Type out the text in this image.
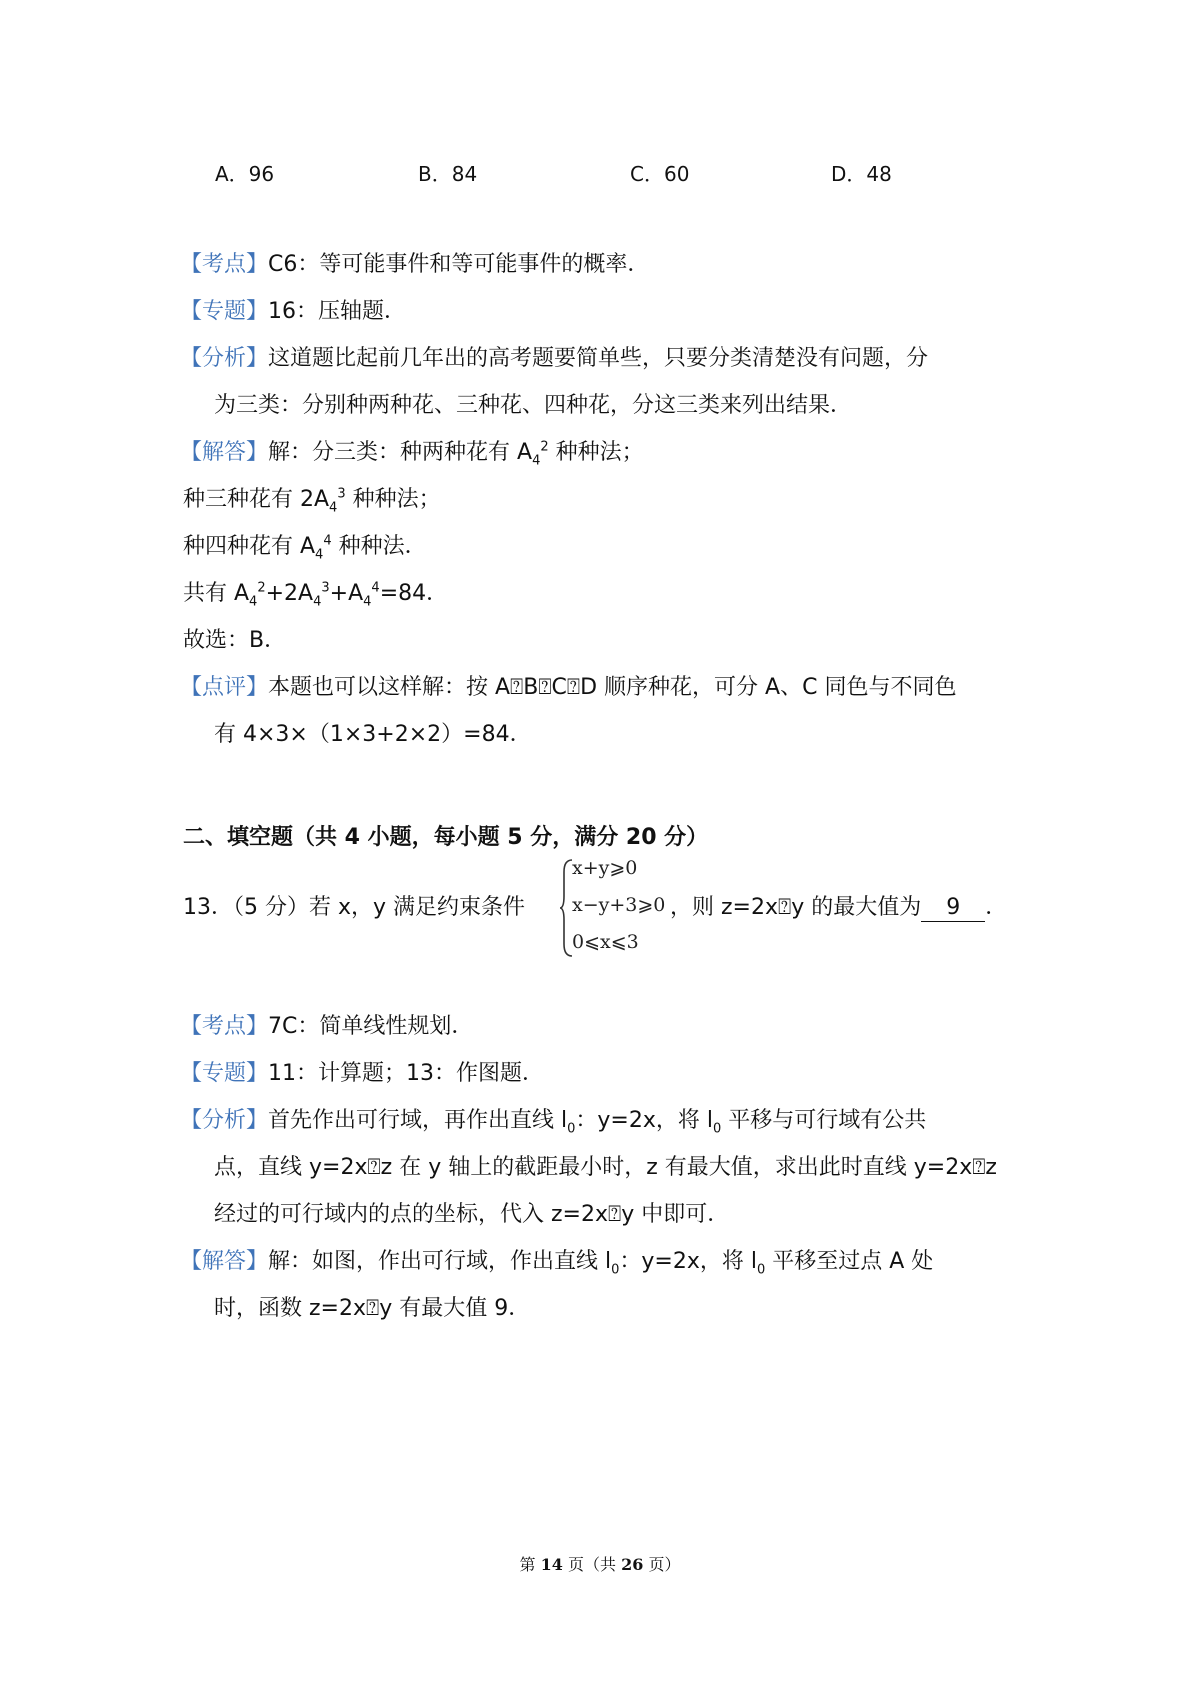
A．96	B．84	C．60	D．48
【考点】C6：等可能事件和等可能事件的概率．
【专题】16：压轴题．
【分析】这道题比起前几年出的高考题要简单些，只要分类清楚没有问题，分
为三类：分别种两种花、三种花、四种花，分这三类来列出结果．
【解答】解：分三类：种两种花有 $A_4^2$ 种种法；
种三种花有 $2A_4^3$ 种种法；
种四种花有 $A_4^4$ 种种法．
共有 $A_4^2+2A_4^3+A_4^4=84$．
故选：B．
【点评】本题也可以这样解：按 A⍰B⍰C⍰D 顺序种花，可分 A、C 同色与不同色
有 4×3×（1×3+2×2）=84．
二、填空题（共 4 小题，每小题 5 分，满分 20 分）
13．（5 分）若 x，y 满足约束条件
x+y⩾0
x−y+3⩾0
0⩽x⩽3
，则 z=2x⍰y 的最大值为 9 ．
【考点】7C：简单线性规划．
【专题】11：计算题；13：作图题．
【分析】首先作出可行域，再作出直线 $l_0$：y=2x，将 $l_0$ 平移与可行域有公共
点，直线 y=2x⍰z 在 y 轴上的截距最小时，z 有最大值，求出此时直线 y=2x⍰z
经过的可行域内的点的坐标，代入 z=2x⍰y 中即可．
【解答】解：如图，作出可行域，作出直线 $l_0$：y=2x，将 $l_0$ 平移至过点 A 处
时，函数 z=2x⍰y 有最大值 9．
第 14 页（共 26 页）
